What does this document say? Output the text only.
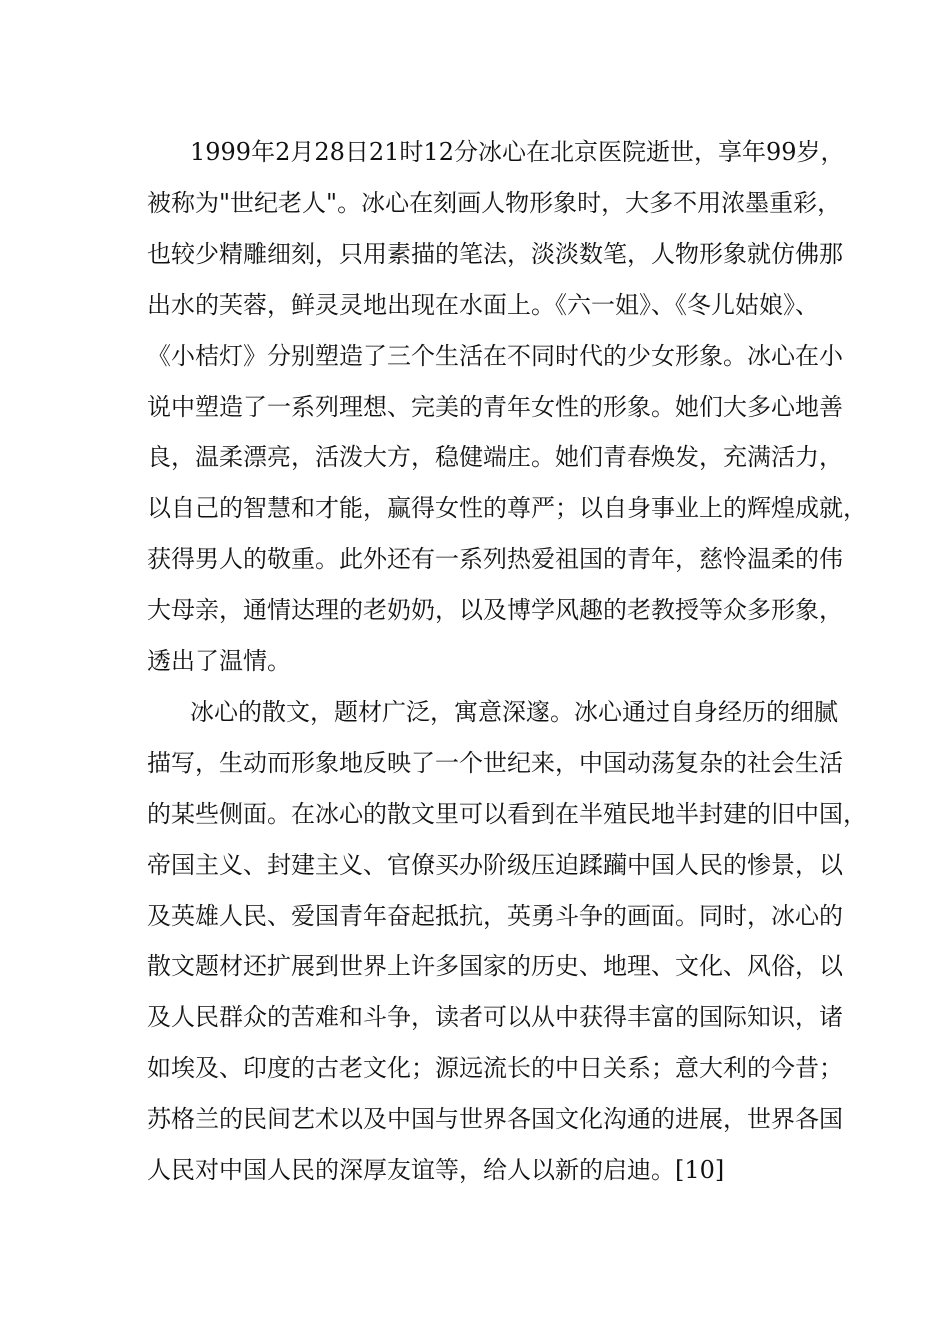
1999年2月28日21时12分冰心在北京医院逝世，享年99岁，
被称为"世纪老人"。冰心在刻画人物形象时，大多不用浓墨重彩，
也较少精雕细刻，只用素描的笔法，淡淡数笔，人物形象就仿佛那
出水的芙蓉，鲜灵灵地出现在水面上。《六一姐》、《冬儿姑娘》、
《小桔灯》分别塑造了三个生活在不同时代的少女形象。冰心在小
说中塑造了一系列理想、完美的青年女性的形象。她们大多心地善
良，温柔漂亮，活泼大方，稳健端庄。她们青春焕发，充满活力，
以自己的智慧和才能，赢得女性的尊严；以自身事业上的辉煌成就，
获得男人的敬重。此外还有一系列热爱祖国的青年，慈怜温柔的伟
大母亲，通情达理的老奶奶，以及博学风趣的老教授等众多形象，
透出了温情。
冰心的散文，题材广泛，寓意深邃。冰心通过自身经历的细腻
描写，生动而形象地反映了一个世纪来，中国动荡复杂的社会生活
的某些侧面。在冰心的散文里可以看到在半殖民地半封建的旧中国，
帝国主义、封建主义、官僚买办阶级压迫蹂躏中国人民的惨景，以
及英雄人民、爱国青年奋起抵抗，英勇斗争的画面。同时，冰心的
散文题材还扩展到世界上许多国家的历史、地理、文化、风俗，以
及人民群众的苦难和斗争，读者可以从中获得丰富的国际知识，诸
如埃及、印度的古老文化；源远流长的中日关系；意大利的今昔；
苏格兰的民间艺术以及中国与世界各国文化沟通的进展，世界各国
人民对中国人民的深厚友谊等，给人以新的启迪。[10]
